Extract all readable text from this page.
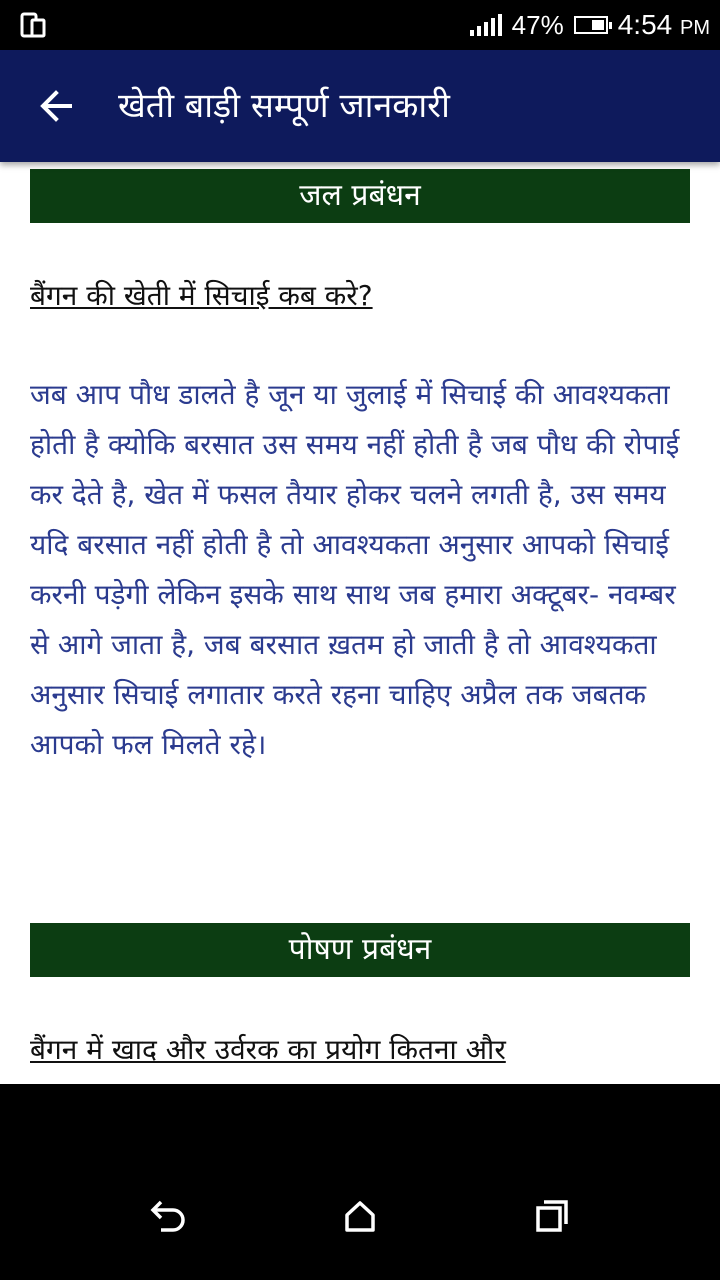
47% 4:54 PM
खेती बाड़ी सम्पूर्ण जानकारी
जल प्रबंधन
बैंगन की खेती में सिचाई कब करे?
जब आप पौध डालते है जून या जुलाई में सिचाई की आवश्यकता होती है क्योकि बरसात उस समय नहीं होती है जब पौध की रोपाई कर देते है, खेत में फसल तैयार होकर चलने लगती है, उस समय यदि बरसात नहीं होती है तो आवश्यकता अनुसार आपको सिचाई करनी पड़ेगी लेकिन इसके साथ साथ जब हमारा अक्टूबर- नवम्बर से आगे जाता है, जब बरसात ख़तम हो जाती है तो आवश्यकता अनुसार सिचाई लगातार करते रहना चाहिए अप्रैल तक जबतक आपको फल मिलते रहे।
पोषण प्रबंधन
बैंगन में खाद और उर्वरक का प्रयोग कितना और
